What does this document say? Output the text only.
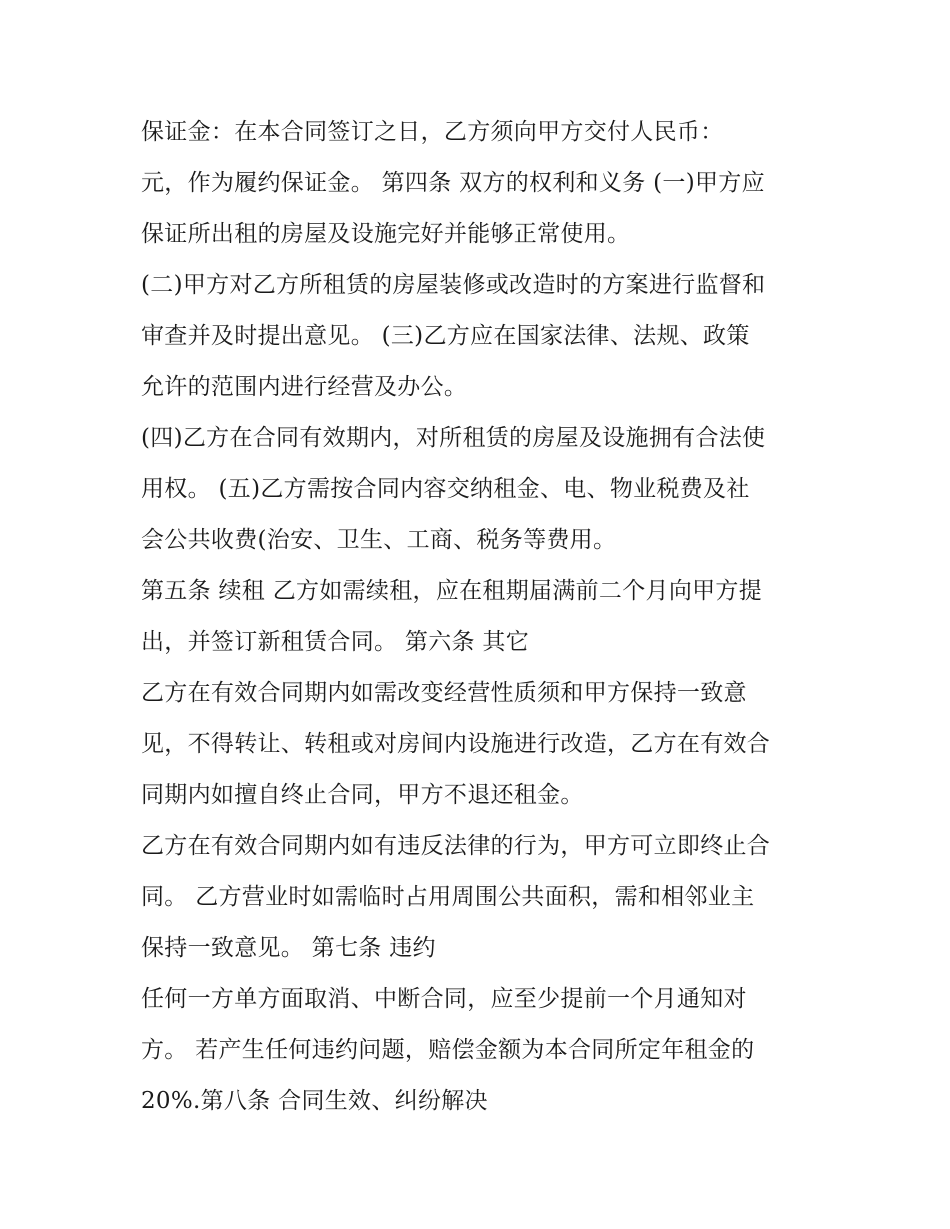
保证金：在本合同签订之日，乙方须向甲方交付人民币：
元，作为履约保证金。 第四条 双方的权利和义务 (一)甲方应
保证所出租的房屋及设施完好并能够正常使用。
(二)甲方对乙方所租赁的房屋装修或改造时的方案进行监督和
审查并及时提出意见。 (三)乙方应在国家法律、法规、政策
允许的范围内进行经营及办公。
(四)乙方在合同有效期内，对所租赁的房屋及设施拥有合法使
用权。 (五)乙方需按合同内容交纳租金、电、物业税费及社
会公共收费(治安、卫生、工商、税务等费用。
第五条 续租 乙方如需续租，应在租期届满前二个月向甲方提
出，并签订新租赁合同。 第六条 其它
乙方在有效合同期内如需改变经营性质须和甲方保持一致意
见，不得转让、转租或对房间内设施进行改造，乙方在有效合
同期内如擅自终止合同，甲方不退还租金。
乙方在有效合同期内如有违反法律的行为，甲方可立即终止合
同。 乙方营业时如需临时占用周围公共面积，需和相邻业主
保持一致意见。 第七条 违约
任何一方单方面取消、中断合同，应至少提前一个月通知对
方。 若产生任何违约问题，赔偿金额为本合同所定年租金的
20%.第八条 合同生效、纠纷解决
